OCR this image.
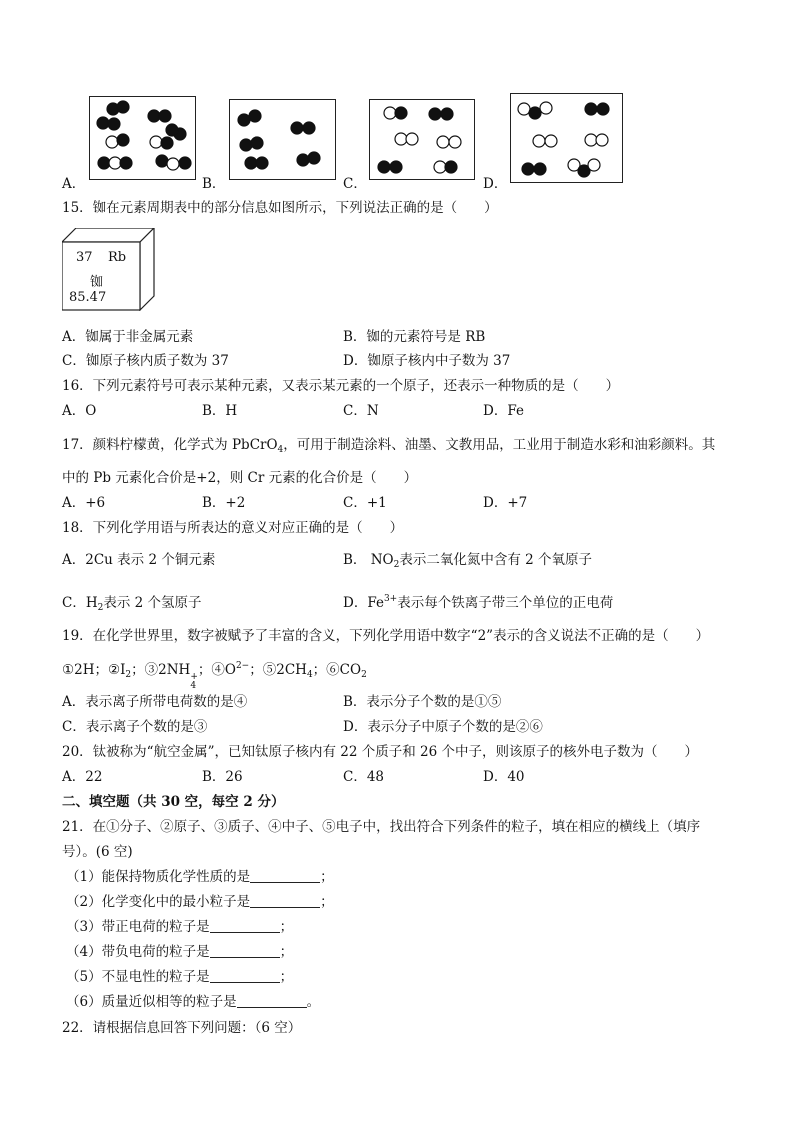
A．	B．	C．	D．
15．铷在元素周期表中的部分信息如图所示，下列说法正确的是（　　）
37 Rb
铷
85.47
A．铷属于非金属元素	B．铷的元素符号是 RB
C．铷原子核内质子数为 37	D．铷原子核内中子数为 37
16．下列元素符号可表示某种元素，又表示某元素的一个原子，还表示一种物质的是（　　）
A．O	B．H	C．N	D．Fe
17．颜料柠檬黄，化学式为 PbCrO$_4$，可用于制造涂料、油墨、文教用品，工业用于制造水彩和油彩颜料。其
中的 Pb 元素化合价是+2，则 Cr 元素的化合价是（　　）
A．+6	B．+2	C．+1	D．+7
18．下列化学用语与所表达的意义对应正确的是（　　）
A．2Cu 表示 2 个铜元素	B． $NO_2$表示二氧化氮中含有 2 个氧原子
C．$H_2$表示 2 个氢原子	D．$Fe^{3+}$表示每个铁离子带三个单位的正电荷
19．在化学世界里，数字被赋予了丰富的含义，下列化学用语中数字“2”表示的含义说法不正确的是（　　）
①2H；$②I_2$；③2NH +
4
；$④O^{2-}$；$⑤2CH_4$；$⑥CO_2$
A．表示离子所带电荷数的是④	B．表示分子个数的是①⑤
C．表示离子个数的是③	D．表示分子中原子个数的是②⑥
20．钛被称为“航空金属”，已知钛原子核内有 22 个质子和 26 个中子，则该原子的核外电子数为（　　）
A．22	B．26	C．48	D．40
二、填空题（共 30 空，每空 2 分）
21．在①分子、②原子、③质子、④中子、⑤电子中，找出符合下列条件的粒子，填在相应的横线上（填序
号）。(6 空)
（1）能保持物质化学性质的是	；
（2）化学变化中的最小粒子是	；
（3）带正电荷的粒子是	；
（4）带负电荷的粒子是	；
（5）不显电性的粒子是	；
（6）质量近似相等的粒子是	。
22．请根据信息回答下列问题：（6 空）
